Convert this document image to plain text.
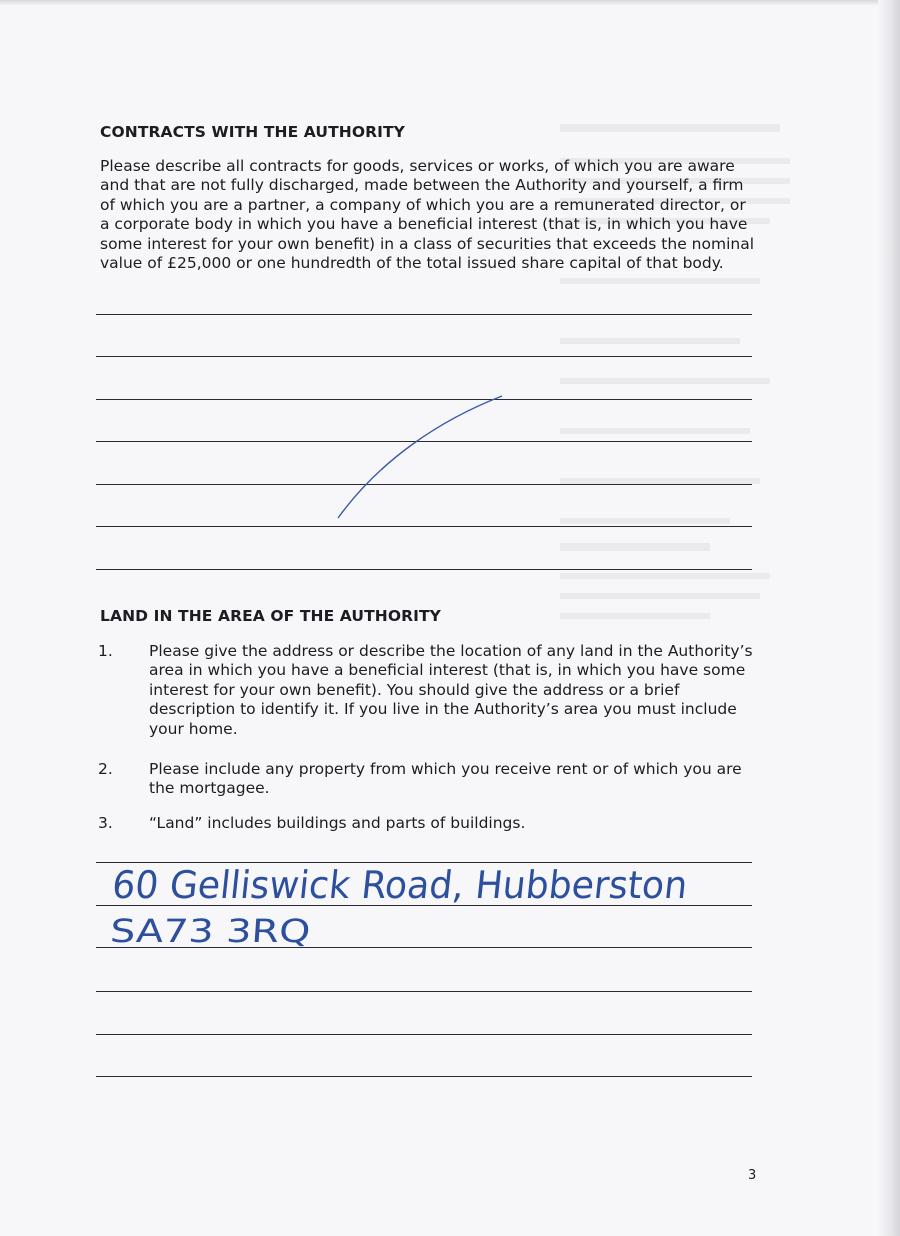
CONTRACTS WITH THE AUTHORITY

Please describe all contracts for goods, services or works, of which you are aware and that are not fully discharged, made between the Authority and yourself, a firm of which you are a partner, a company of which you are a remunerated director, or a corporate body in which you have a beneficial interest (that is, in which you have some interest for your own benefit) in a class of securities that exceeds the nominal value of £25,000 or one hundredth of the total issued share capital of that body.

LAND IN THE AREA OF THE AUTHORITY
1. Please give the address or describe the location of any land in the Authority’s area in which you have a beneficial interest (that is, in which you have some interest for your own benefit). You should give the address or a brief description to identify it. If you live in the Authority’s area you must include your home.
2. Please include any property from which you receive rent or of which you are the mortgagee.
3. “Land” includes buildings and parts of buildings.
60 Gelliswick Road, Hubberston
SA73 3RQ
3
